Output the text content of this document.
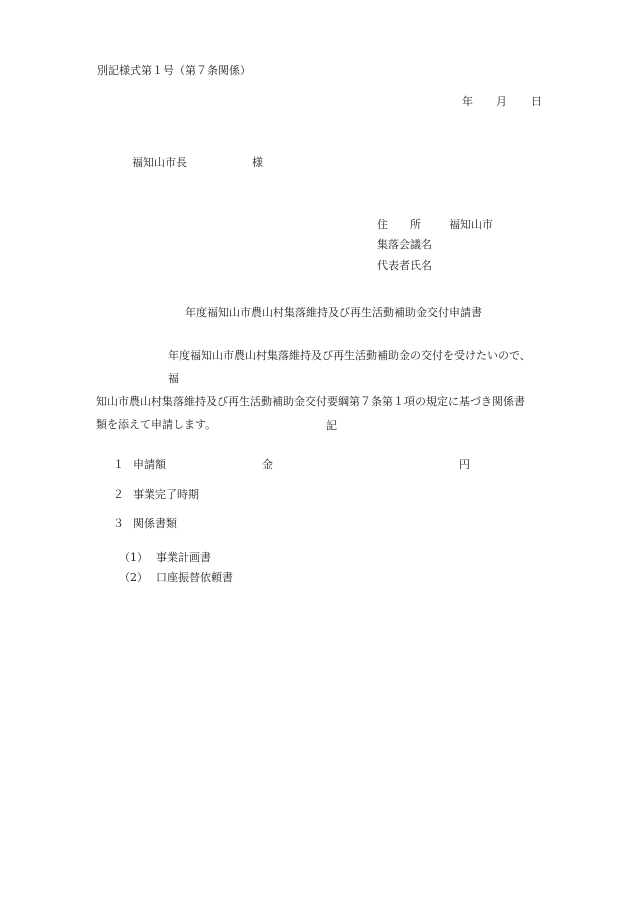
別記様式第１号（第７条関係）
年 月 日
福知山市長	様
住　　所	福知山市
集落会議名
代表者氏名
年度福知山市農山村集落維持及び再生活動補助金交付申請書
年度福知山市農山村集落維持及び再生活動補助金の交付を受けたいので、福
知山市農山村集落維持及び再生活動補助金交付要綱第７条第１項の規定に基づき関係書
類を添えて申請します。	記
１ 申請額	金	円
２ 事業完了時期
３ 関係書類
（1） 事業計画書
（2） 口座振替依頼書
